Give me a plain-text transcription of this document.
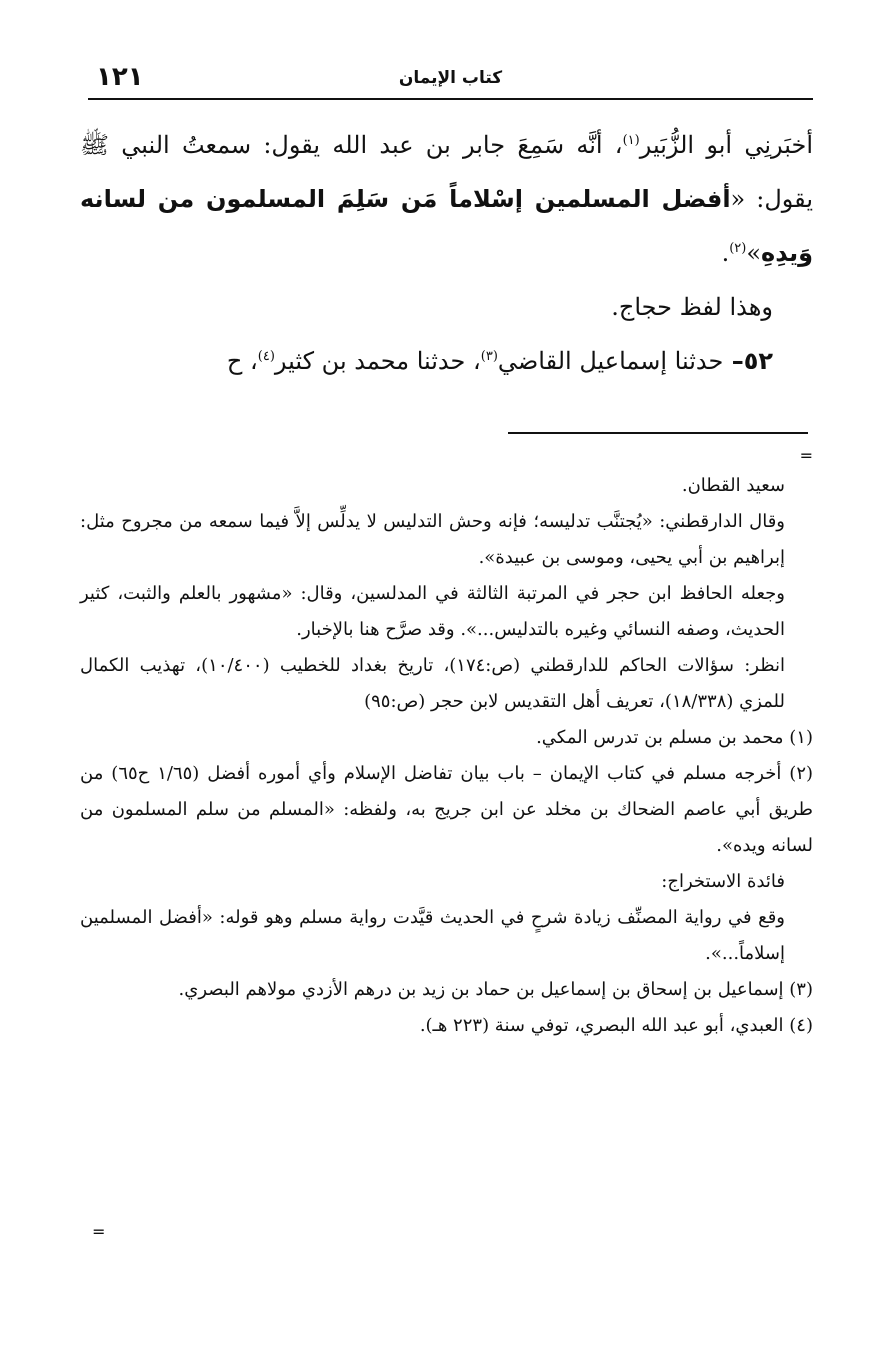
١٢١	كتاب الإيمان

أخبَرنِي أبو الزُّبَير$^{(١)}$، أنَّه سَمِعَ جابر بن عبد الله يقول: سمعتُ النبي ﷺ يقول: «أفضل المسلمين إسْلاماً مَن سَلِمَ المسلمون من لسانه وَيدِهِ»$^{(٢)}$.

وهذا لفظ حجاج.

٥٢– حدثنا إسماعيل القاضي$^{(٣)}$، حدثنا محمد بن كثير$^{(٤)}$، ح

=

سعيد القطان.

وقال الدارقطني: «يُجتنَّب تدليسه؛ فإنه وحش التدليس لا يدلِّس إلاَّ فيما سمعه من مجروح مثل: إبراهيم بن أبي يحيى، وموسى بن عبيدة».

وجعله الحافظ ابن حجر في المرتبة الثالثة في المدلسين، وقال: «مشهور بالعلم والثبت، كثير الحديث، وصفه النسائي وغيره بالتدليس...». وقد صرَّح هنا بالإخبار.

انظر: سؤالات الحاكم للدارقطني (ص:١٧٤)، تاريخ بغداد للخطيب (١٠/٤٠٠)، تهذيب الكمال للمزي (١٨/٣٣٨)، تعريف أهل التقديس لابن حجر (ص:٩٥)

(١) محمد بن مسلم بن تدرس المكي.

(٢) أخرجه مسلم في كتاب الإيمان – باب بيان تفاضل الإسلام وأي أموره أفضل (١/٦٥ ح٦٥) من طريق أبي عاصم الضحاك بن مخلد عن ابن جريج به، ولفظه: «المسلم من سلم المسلمون من لسانه ويده».

فائدة الاستخراج:

وقع في رواية المصنِّف زيادة شرحٍ في الحديث قيَّدت رواية مسلم وهو قوله: «أفضل المسلمين إسلاماً...».

(٣) إسماعيل بن إسحاق بن إسماعيل بن حماد بن زيد بن درهم الأزدي مولاهم البصري.

(٤) العبدي، أبو عبد الله البصري، توفي سنة (٢٢٣ هـ).

=
